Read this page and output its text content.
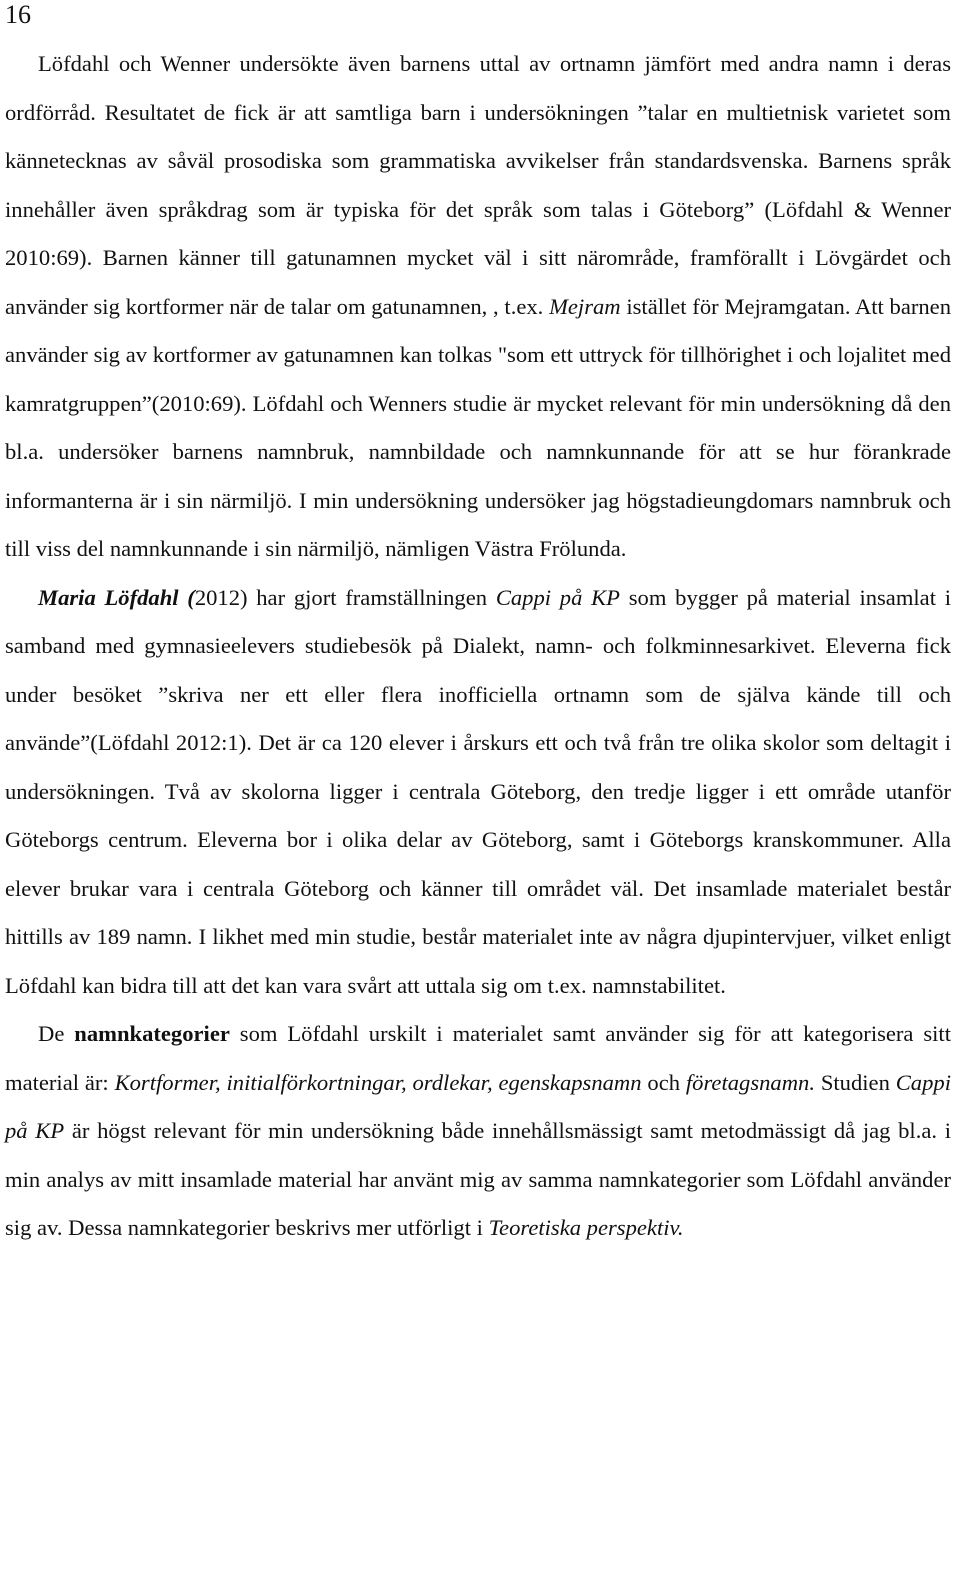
16

Löfdahl och Wenner undersökte även barnens uttal av ortnamn jämfört med andra namn i deras ordförråd. Resultatet de fick är att samtliga barn i undersökningen ”talar en multietnisk varietet som kännetecknas av såväl prosodiska som grammatiska avvikelser från standardsvenska. Barnens språk innehåller även språkdrag som är typiska för det språk som talas i Göteborg” (Löfdahl & Wenner 2010:69). Barnen känner till gatunamnen mycket väl i sitt närområde, framförallt i Lövgärdet och använder sig kortformer när de talar om gatunamnen, , t.ex. Mejram istället för Mejramgatan. Att barnen använder sig av kortformer av gatunamnen kan tolkas "som ett uttryck för tillhörighet i och lojalitet med kamratgruppen”(2010:69). Löfdahl och Wenners studie är mycket relevant för min undersökning då den bl.a. undersöker barnens namnbruk, namnbildade och namnkunnande för att se hur förankrade informanterna är i sin närmiljö. I min undersökning undersöker jag högstadieungdomars namnbruk och till viss del namnkunnande i sin närmiljö, nämligen Västra Frölunda.

Maria Löfdahl (2012) har gjort framställningen Cappi på KP som bygger på material insamlat i samband med gymnasieelevers studiebesök på Dialekt, namn- och folkminnesarkivet. Eleverna fick under besöket ”skriva ner ett eller flera inofficiella ortnamn som de själva kände till och använde”(Löfdahl 2012:1). Det är ca 120 elever i årskurs ett och två från tre olika skolor som deltagit i undersökningen. Två av skolorna ligger i centrala Göteborg, den tredje ligger i ett område utanför Göteborgs centrum. Eleverna bor i olika delar av Göteborg, samt i Göteborgs kranskommuner. Alla elever brukar vara i centrala Göteborg och känner till området väl. Det insamlade materialet består hittills av 189 namn. I likhet med min studie, består materialet inte av några djupintervjuer, vilket enligt Löfdahl kan bidra till att det kan vara svårt att uttala sig om t.ex. namnstabilitet.

De namnkategorier som Löfdahl urskilt i materialet samt använder sig för att kategorisera sitt material är: Kortformer, initialförkortningar, ordlekar, egenskapsnamn och företagsnamn. Studien Cappi på KP är högst relevant för min undersökning både innehållsmässigt samt metodmässigt då jag bl.a. i min analys av mitt insamlade material har använt mig av samma namnkategorier som Löfdahl använder sig av. Dessa namnkategorier beskrivs mer utförligt i Teoretiska perspektiv.
